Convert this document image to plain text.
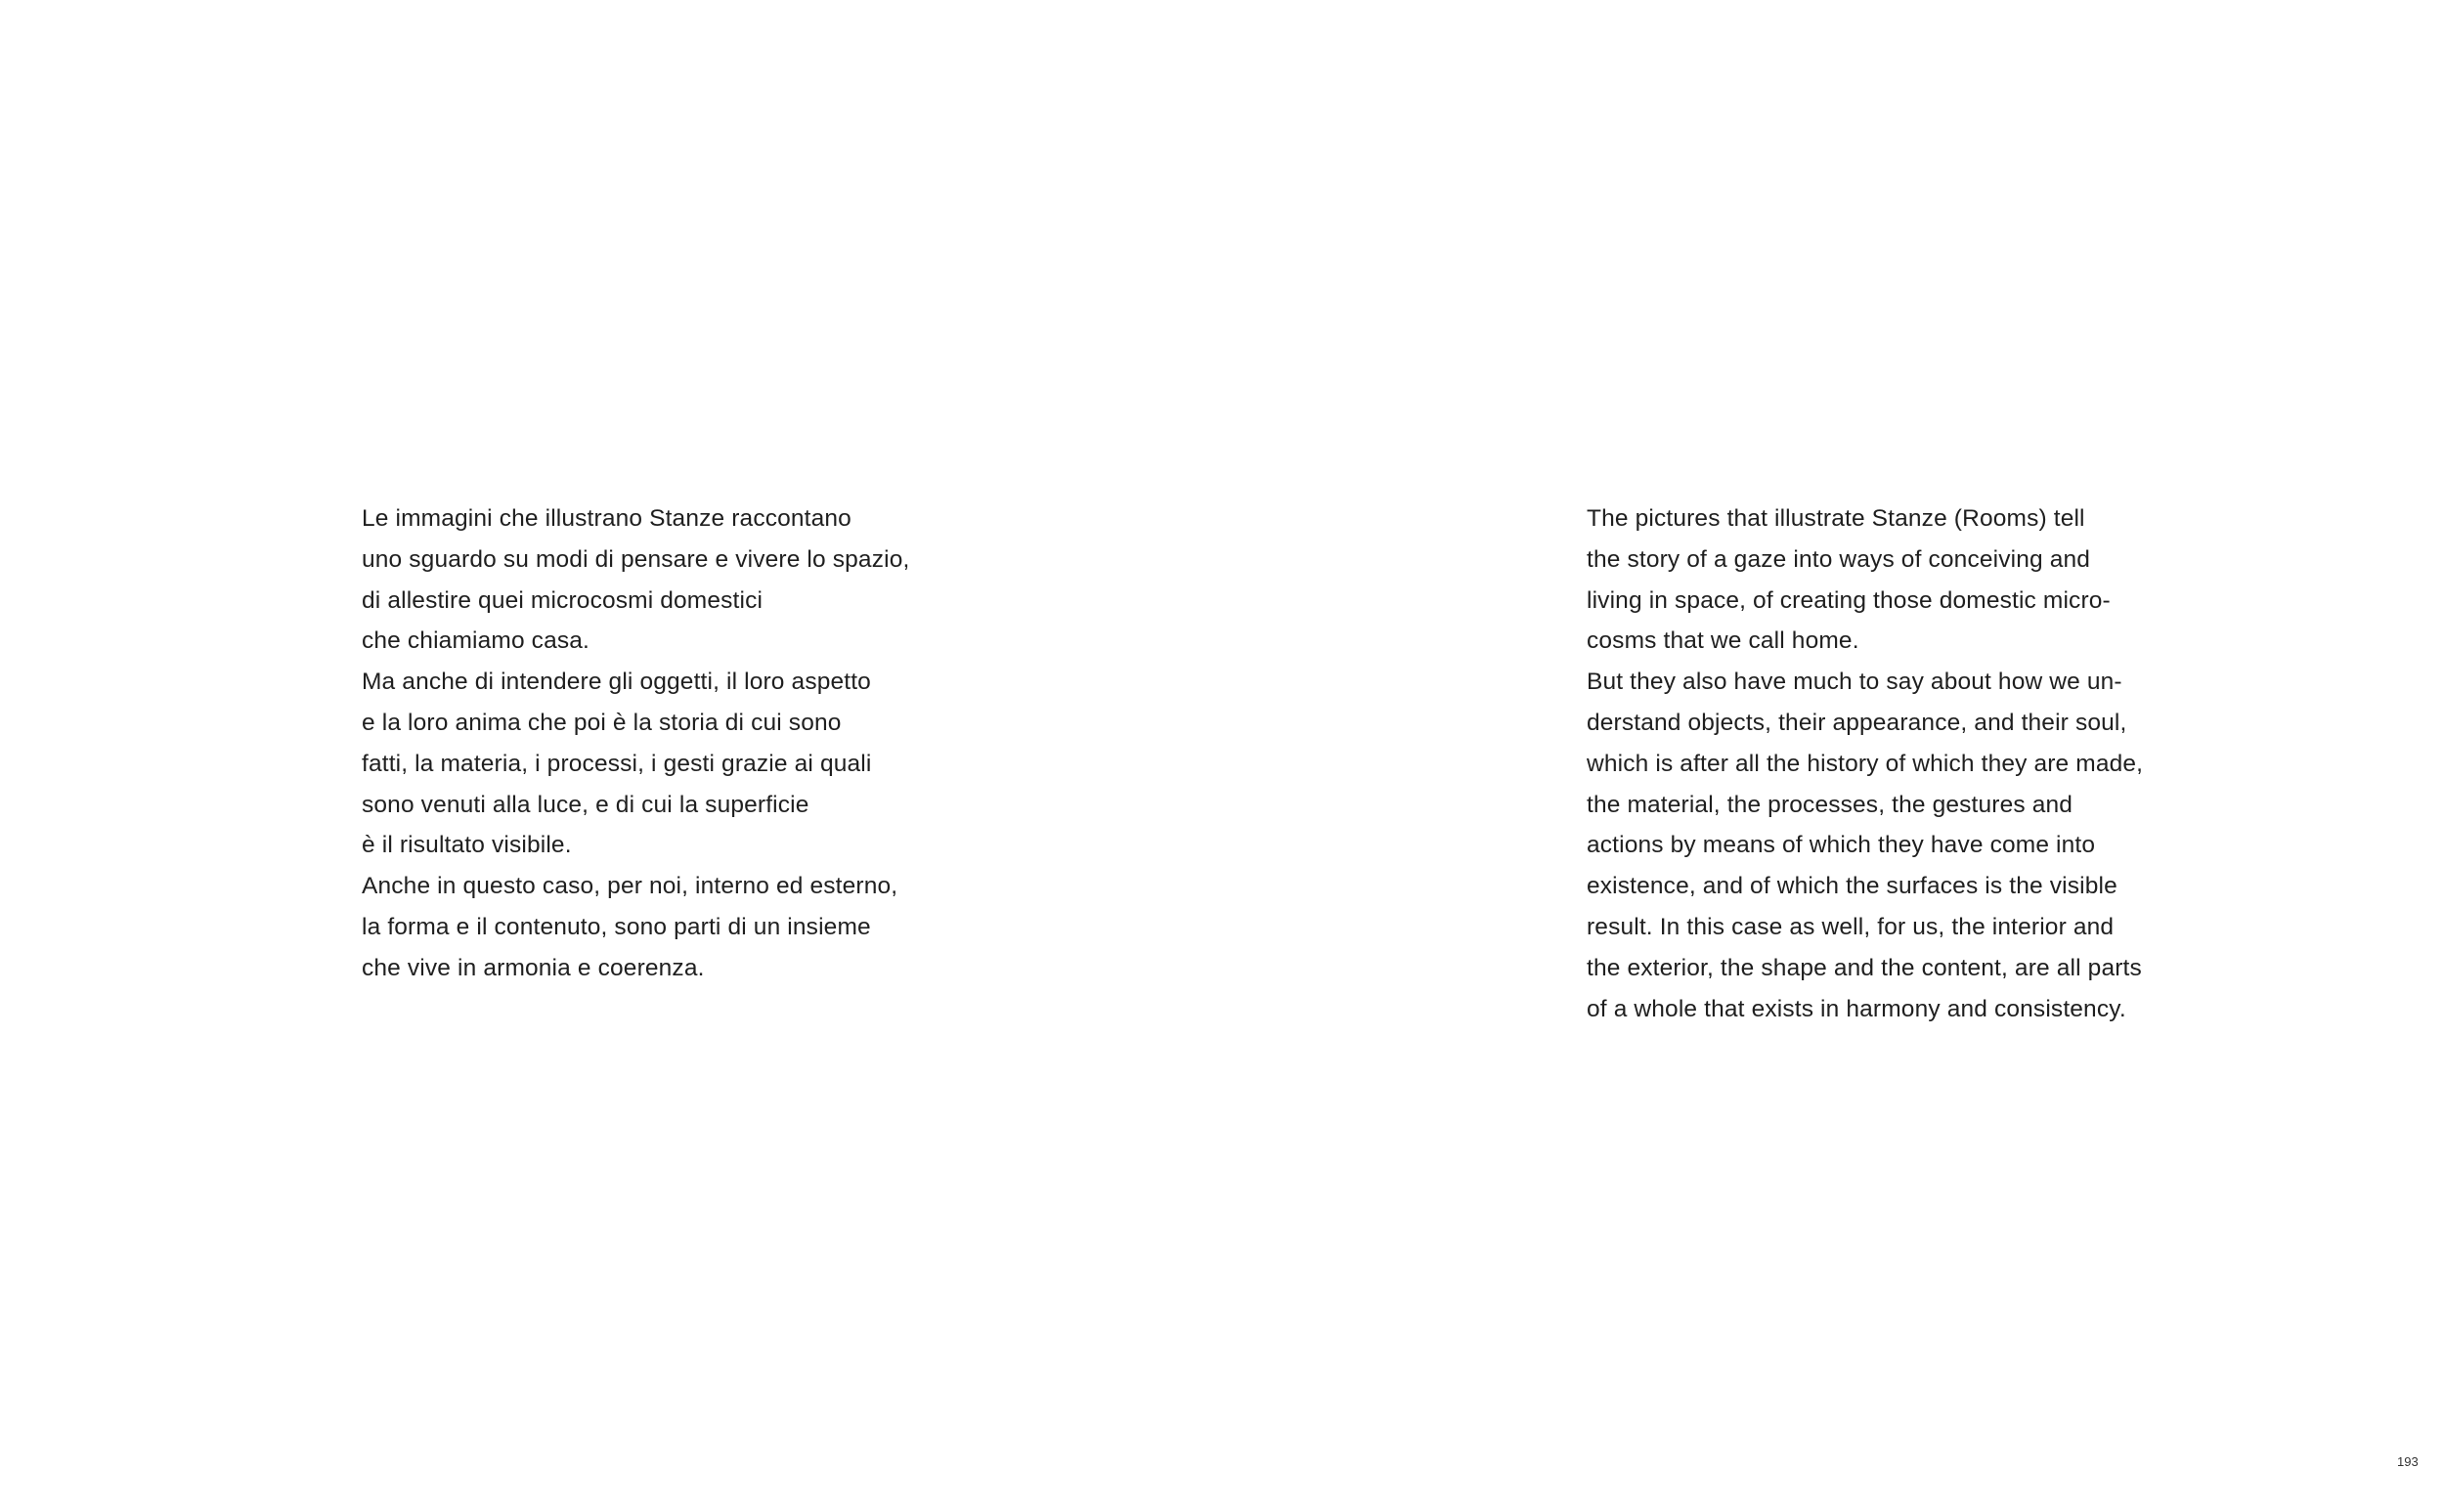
Le immagini che illustrano Stanze raccontano
uno sguardo su modi di pensare e vivere lo spazio,
di allestire quei microcosmi domestici
che chiamiamo casa.
Ma anche di intendere gli oggetti, il loro aspetto
e la loro anima che poi è la storia di cui sono
fatti, la materia, i processi, i gesti grazie ai quali
sono venuti alla luce, e di cui la superficie
è il risultato visibile.
Anche in questo caso, per noi, interno ed esterno,
la forma e il contenuto, sono parti di un insieme
che vive in armonia e coerenza.
The pictures that illustrate Stanze (Rooms) tell
the story of a gaze into ways of conceiving and
living in space, of creating those domestic micro-
cosms that we call home.
But they also have much to say about how we un-
derstand objects, their appearance, and their soul,
which is after all the history of which they are made,
the material, the processes, the gestures and
actions by means of which they have come into
existence, and of which the surfaces is the visible
result. In this case as well, for us, the interior and
the exterior, the shape and the content, are all parts
of a whole that exists in harmony and consistency.
193
